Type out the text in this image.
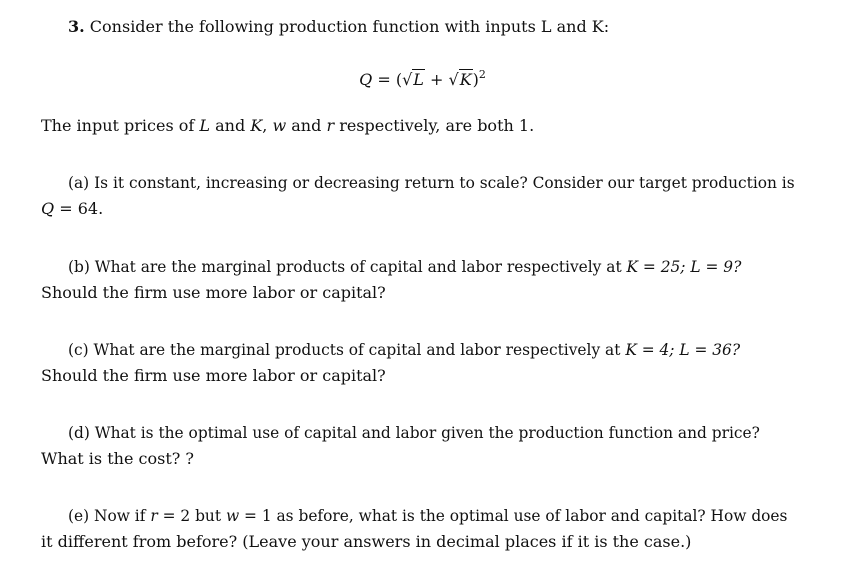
3. Consider the following production function with inputs L and K:
$Q = (√L + √K)^2$
The input prices of L and K, w and r respectively, are both 1.
(a) Is it constant, increasing or decreasing return to scale? Consider our target production is
Q = 64.
(b) What are the marginal products of capital and labor respectively at K = 25; L = 9?
Should the firm use more labor or capital?
(c) What are the marginal products of capital and labor respectively at K = 4; L = 36?
Should the firm use more labor or capital?
(d) What is the optimal use of capital and labor given the production function and price?
What is the cost? ?
(e) Now if r = 2 but w = 1 as before, what is the optimal use of labor and capital? How does
it different from before? (Leave your answers in decimal places if it is the case.)
